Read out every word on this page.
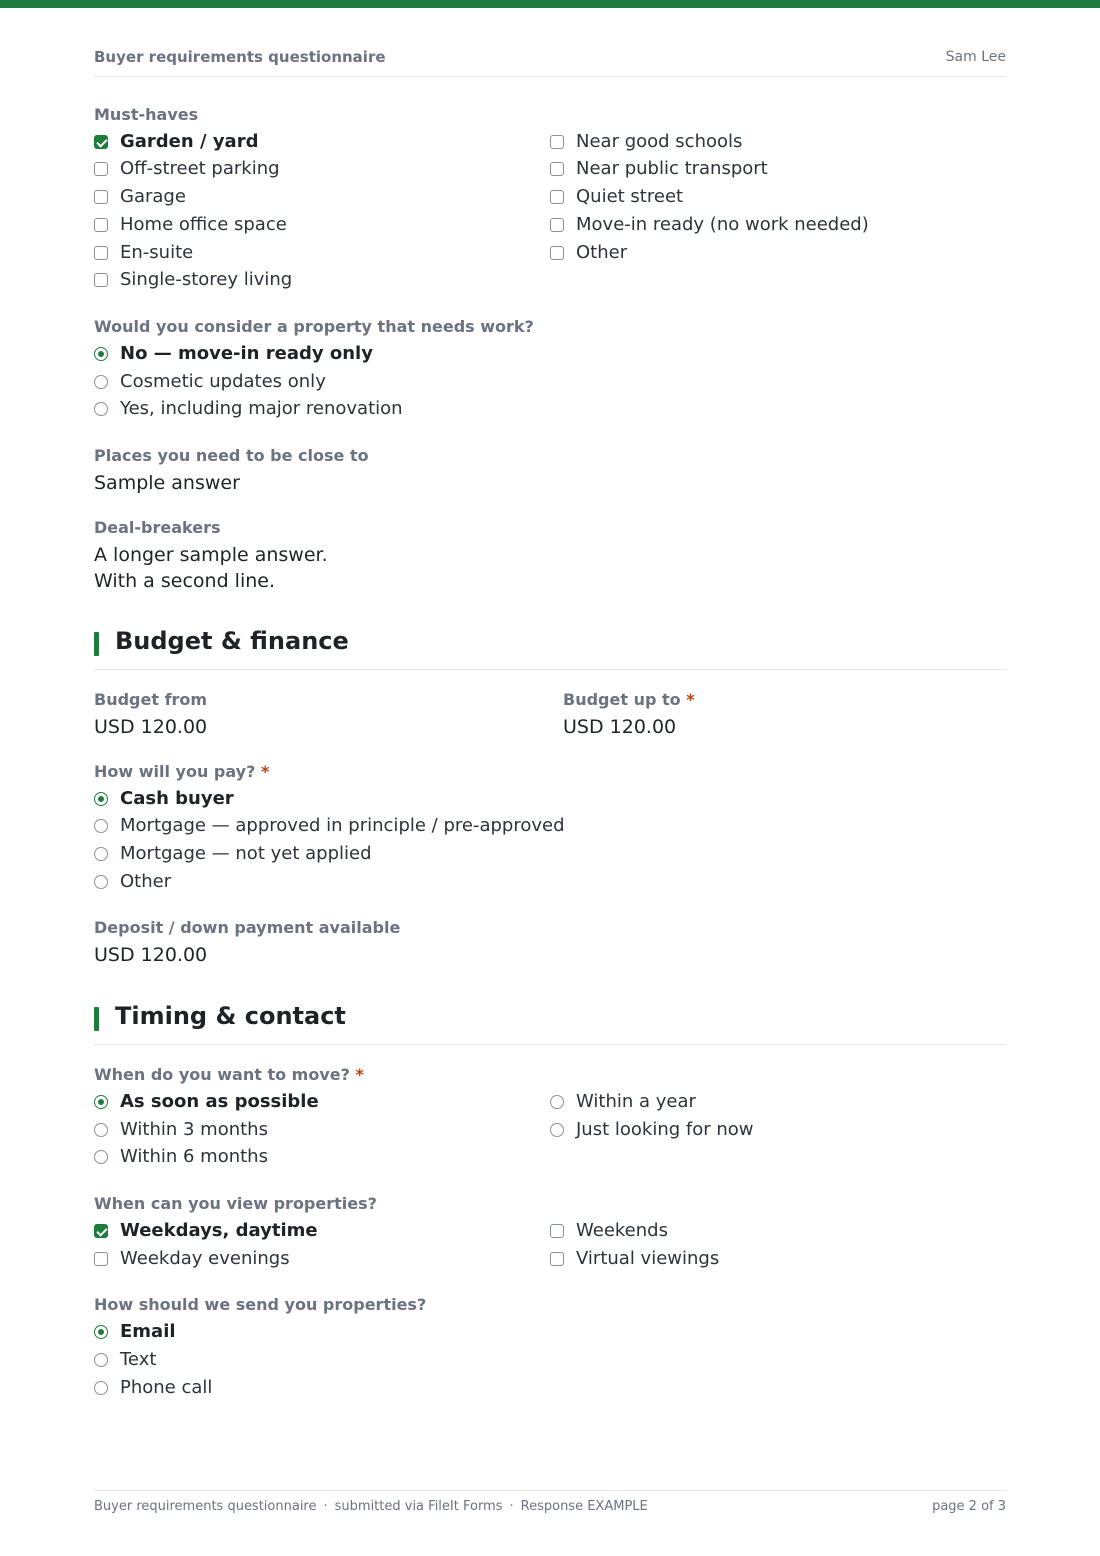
Buyer requirements questionnaire	Sam Lee
Must-haves
Garden / yard
Off-street parking
Garage
Home office space
En-suite
Single-storey living
Near good schools
Near public transport
Quiet street
Move-in ready (no work needed)
Other
Would you consider a property that needs work?
No — move-in ready only
Cosmetic updates only
Yes, including major renovation
Places you need to be close to
Sample answer
Deal-breakers
A longer sample answer.
With a second line.
Budget & finance
Budget from
USD 120.00
Budget up to *
USD 120.00
How will you pay? *
Cash buyer
Mortgage — approved in principle / pre-approved
Mortgage — not yet applied
Other
Deposit / down payment available
USD 120.00
Timing & contact
When do you want to move? *
As soon as possible
Within 3 months
Within 6 months
Within a year
Just looking for now
When can you view properties?
Weekdays, daytime
Weekday evenings
Weekends
Virtual viewings
How should we send you properties?
Email
Text
Phone call
Buyer requirements questionnaire · submitted via FileIt Forms · Response EXAMPLE	page 2 of 3
